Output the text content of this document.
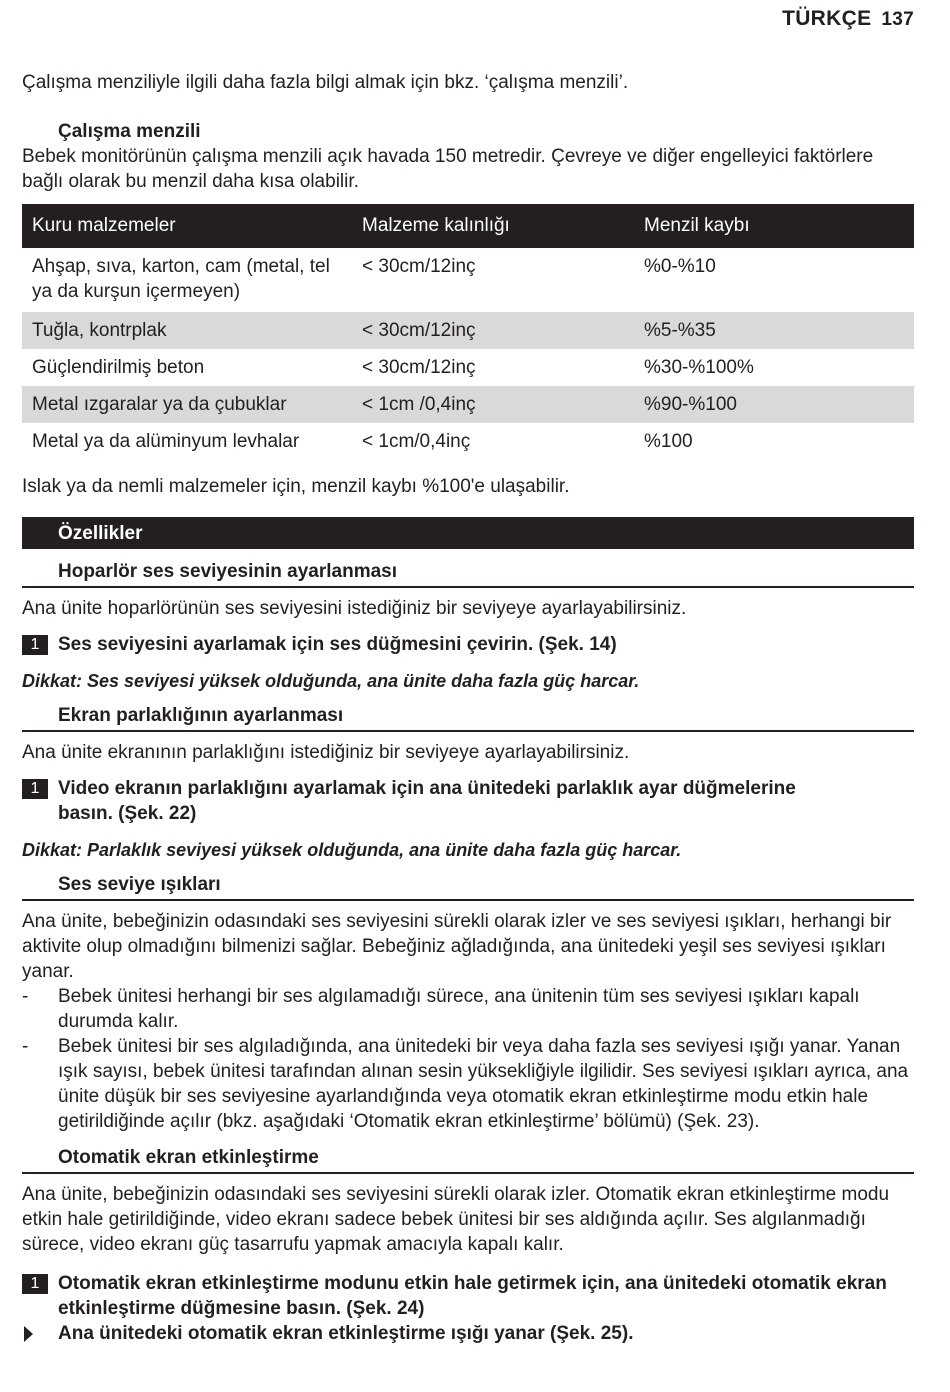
TÜRKÇE 137

Çalışma menziliyle ilgili daha fazla bilgi almak için bkz. ‘çalışma menzili’.

Çalışma menzili

Bebek monitörünün çalışma menzili açık havada 150 metredir. Çevreye ve diğer engelleyici faktörlere bağlı olarak bu menzil daha kısa olabilir.

Kuru malzemeler	Malzeme kalınlığı	Menzil kaybı
Ahşap, sıva, karton, cam (metal, tel ya da kurşun içermeyen)	< 30cm/12inç	%0-%10
Tuğla, kontrplak	< 30cm/12inç	%5-%35
Güçlendirilmiş beton	< 30cm/12inç	%30-%100%
Metal ızgaralar ya da çubuklar	< 1cm /0,4inç	%90-%100
Metal ya da alüminyum levhalar	< 1cm/0,4inç	%100

Islak ya da nemli malzemeler için, menzil kaybı %100'e ulaşabilir.

Özellikler
Hoparlör ses seviyesinin ayarlanması

Ana ünite hoparlörünün ses seviyesini istediğiniz bir seviyeye ayarlayabilirsiniz.

1 Ses seviyesini ayarlamak için ses düğmesini çevirin. (Şek. 14)

Dikkat: Ses seviyesi yüksek olduğunda, ana ünite daha fazla güç harcar.

Ekran parlaklığının ayarlanması

Ana ünite ekranının parlaklığını istediğiniz bir seviyeye ayarlayabilirsiniz.

1 Video ekranın parlaklığını ayarlamak için ana ünitedeki parlaklık ayar düğmelerine basın. (Şek. 22)

Dikkat: Parlaklık seviyesi yüksek olduğunda, ana ünite daha fazla güç harcar.

Ses seviye ışıkları

Ana ünite, bebeğinizin odasındaki ses seviyesini sürekli olarak izler ve ses seviyesi ışıkları, herhangi bir aktivite olup olmadığını bilmenizi sağlar. Bebeğiniz ağladığında, ana ünitedeki yeşil ses seviyesi ışıkları yanar.

- Bebek ünitesi herhangi bir ses algılamadığı sürece, ana ünitenin tüm ses seviyesi ışıkları kapalı durumda kalır.
- Bebek ünitesi bir ses algıladığında, ana ünitedeki bir veya daha fazla ses seviyesi ışığı yanar. Yanan ışık sayısı, bebek ünitesi tarafından alınan sesin yüksekliğiyle ilgilidir. Ses seviyesi ışıkları ayrıca, ana ünite düşük bir ses seviyesine ayarlandığında veya otomatik ekran etkinleştirme modu etkin hale getirildiğinde açılır (bkz. aşağıdaki ‘Otomatik ekran etkinleştirme’ bölümü) (Şek. 23).
Otomatik ekran etkinleştirme

Ana ünite, bebeğinizin odasındaki ses seviyesini sürekli olarak izler. Otomatik ekran etkinleştirme modu etkin hale getirildiğinde, video ekranı sadece bebek ünitesi bir ses aldığında açılır. Ses algılanmadığı sürece, video ekranı güç tasarrufu yapmak amacıyla kapalı kalır.

1 Otomatik ekran etkinleştirme modunu etkin hale getirmek için, ana ünitedeki otomatik ekran etkinleştirme düğmesine basın. (Şek. 24)
Ana ünitedeki otomatik ekran etkinleştirme ışığı yanar (Şek. 25).
